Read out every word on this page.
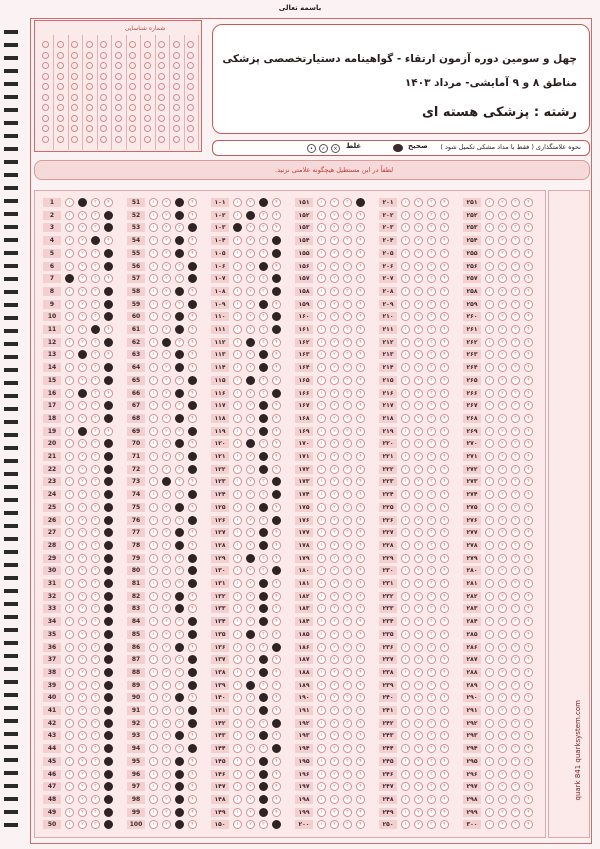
باسمه تعالی
شماره شناسایی
چهل و سومین دوره آزمون ارتقاء - گواهینامه دستیارتخصصی پزشکی
مناطق ۸ و ۹ آمایشی- مرداد ۱۴۰۳
رشته : پزشکی هسته ای
نحوه علامتگذاری ( فقط با مداد مشکی تکمیل شود )
صحیح
غلط
×
✓
•
لطفاً در این مستطیل هیچگونه علامتی نزنید.
1	۱	۲	۳	۴
2	۱	۲	۳	۴
3	۱	۲	۳	۴
4	۱	۲	۳	۴
5	۱	۲	۳	۴
6	۱	۲	۳	۴
7	۱	۲	۳	۴
8	۱	۲	۳	۴
9	۱	۲	۳	۴
10	۱	۲	۳	۴
11	۱	۲	۳	۴
12	۱	۲	۳	۴
13	۱	۲	۳	۴
14	۱	۲	۳	۴
15	۱	۲	۳	۴
16	۱	۲	۳	۴
17	۱	۲	۳	۴
18	۱	۲	۳	۴
19	۱	۲	۳	۴
20	۱	۲	۳	۴
21	۱	۲	۳	۴
22	۱	۲	۳	۴
23	۱	۲	۳	۴
24	۱	۲	۳	۴
25	۱	۲	۳	۴
26	۱	۲	۳	۴
27	۱	۲	۳	۴
28	۱	۲	۳	۴
29	۱	۲	۳	۴
30	۱	۲	۳	۴
31	۱	۲	۳	۴
32	۱	۲	۳	۴
33	۱	۲	۳	۴
34	۱	۲	۳	۴
35	۱	۲	۳	۴
36	۱	۲	۳	۴
37	۱	۲	۳	۴
38	۱	۲	۳	۴
39	۱	۲	۳	۴
40	۱	۲	۳	۴
41	۱	۲	۳	۴
42	۱	۲	۳	۴
43	۱	۲	۳	۴
44	۱	۲	۳	۴
45	۱	۲	۳	۴
46	۱	۲	۳	۴
47	۱	۲	۳	۴
48	۱	۲	۳	۴
49	۱	۲	۳	۴
50	۱	۲	۳	۴
51	۱	۲	۳	۴
52	۱	۲	۳	۴
53	۱	۲	۳	۴
54	۱	۲	۳	۴
55	۱	۲	۳	۴
56	۱	۲	۳	۴
57	۱	۲	۳	۴
58	۱	۲	۳	۴
59	۱	۲	۳	۴
60	۱	۲	۳	۴
61	۱	۲	۳	۴
62	۱	۲	۳	۴
63	۱	۲	۳	۴
64	۱	۲	۳	۴
65	۱	۲	۳	۴
66	۱	۲	۳	۴
67	۱	۲	۳	۴
68	۱	۲	۳	۴
69	۱	۲	۳	۴
70	۱	۲	۳	۴
71	۱	۲	۳	۴
72	۱	۲	۳	۴
73	۱	۲	۳	۴
74	۱	۲	۳	۴
75	۱	۲	۳	۴
76	۱	۲	۳	۴
77	۱	۲	۳	۴
78	۱	۲	۳	۴
79	۱	۲	۳	۴
80	۱	۲	۳	۴
81	۱	۲	۳	۴
82	۱	۲	۳	۴
83	۱	۲	۳	۴
84	۱	۲	۳	۴
85	۱	۲	۳	۴
86	۱	۲	۳	۴
87	۱	۲	۳	۴
88	۱	۲	۳	۴
89	۱	۲	۳	۴
90	۱	۲	۳	۴
91	۱	۲	۳	۴
92	۱	۲	۳	۴
93	۱	۲	۳	۴
94	۱	۲	۳	۴
95	۱	۲	۳	۴
96	۱	۲	۳	۴
97	۱	۲	۳	۴
98	۱	۲	۳	۴
99	۱	۲	۳	۴
100	۱	۲	۳	۴
۱۰۱	۱	۲	۳	۴
۱۰۲	۱	۲	۳	۴
۱۰۳	۱	۲	۳	۴
۱۰۴	۱	۲	۳	۴
۱۰۵	۱	۲	۳	۴
۱۰۶	۱	۲	۳	۴
۱۰۷	۱	۲	۳	۴
۱۰۸	۱	۲	۳	۴
۱۰۹	۱	۲	۳	۴
۱۱۰	۱	۲	۳	۴
۱۱۱	۱	۲	۳	۴
۱۱۲	۱	۲	۳	۴
۱۱۳	۱	۲	۳	۴
۱۱۴	۱	۲	۳	۴
۱۱۵	۱	۲	۳	۴
۱۱۶	۱	۲	۳	۴
۱۱۷	۱	۲	۳	۴
۱۱۸	۱	۲	۳	۴
۱۱۹	۱	۲	۳	۴
۱۲۰	۱	۲	۳	۴
۱۲۱	۱	۲	۳	۴
۱۲۲	۱	۲	۳	۴
۱۲۳	۱	۲	۳	۴
۱۲۴	۱	۲	۳	۴
۱۲۵	۱	۲	۳	۴
۱۲۶	۱	۲	۳	۴
۱۲۷	۱	۲	۳	۴
۱۲۸	۱	۲	۳	۴
۱۲۹	۱	۲	۳	۴
۱۳۰	۱	۲	۳	۴
۱۳۱	۱	۲	۳	۴
۱۳۲	۱	۲	۳	۴
۱۳۳	۱	۲	۳	۴
۱۳۴	۱	۲	۳	۴
۱۳۵	۱	۲	۳	۴
۱۳۶	۱	۲	۳	۴
۱۳۷	۱	۲	۳	۴
۱۳۸	۱	۲	۳	۴
۱۳۹	۱	۲	۳	۴
۱۴۰	۱	۲	۳	۴
۱۴۱	۱	۲	۳	۴
۱۴۲	۱	۲	۳	۴
۱۴۳	۱	۲	۳	۴
۱۴۴	۱	۲	۳	۴
۱۴۵	۱	۲	۳	۴
۱۴۶	۱	۲	۳	۴
۱۴۷	۱	۲	۳	۴
۱۴۸	۱	۲	۳	۴
۱۴۹	۱	۲	۳	۴
۱۵۰	۱	۲	۳	۴
۱۵۱	۱	۲	۳	۴
۱۵۲	۱	۲	۳	۴
۱۵۳	۱	۲	۳	۴
۱۵۴	۱	۲	۳	۴
۱۵۵	۱	۲	۳	۴
۱۵۶	۱	۲	۳	۴
۱۵۷	۱	۲	۳	۴
۱۵۸	۱	۲	۳	۴
۱۵۹	۱	۲	۳	۴
۱۶۰	۱	۲	۳	۴
۱۶۱	۱	۲	۳	۴
۱۶۲	۱	۲	۳	۴
۱۶۳	۱	۲	۳	۴
۱۶۴	۱	۲	۳	۴
۱۶۵	۱	۲	۳	۴
۱۶۶	۱	۲	۳	۴
۱۶۷	۱	۲	۳	۴
۱۶۸	۱	۲	۳	۴
۱۶۹	۱	۲	۳	۴
۱۷۰	۱	۲	۳	۴
۱۷۱	۱	۲	۳	۴
۱۷۲	۱	۲	۳	۴
۱۷۳	۱	۲	۳	۴
۱۷۴	۱	۲	۳	۴
۱۷۵	۱	۲	۳	۴
۱۷۶	۱	۲	۳	۴
۱۷۷	۱	۲	۳	۴
۱۷۸	۱	۲	۳	۴
۱۷۹	۱	۲	۳	۴
۱۸۰	۱	۲	۳	۴
۱۸۱	۱	۲	۳	۴
۱۸۲	۱	۲	۳	۴
۱۸۳	۱	۲	۳	۴
۱۸۴	۱	۲	۳	۴
۱۸۵	۱	۲	۳	۴
۱۸۶	۱	۲	۳	۴
۱۸۷	۱	۲	۳	۴
۱۸۸	۱	۲	۳	۴
۱۸۹	۱	۲	۳	۴
۱۹۰	۱	۲	۳	۴
۱۹۱	۱	۲	۳	۴
۱۹۲	۱	۲	۳	۴
۱۹۳	۱	۲	۳	۴
۱۹۴	۱	۲	۳	۴
۱۹۵	۱	۲	۳	۴
۱۹۶	۱	۲	۳	۴
۱۹۷	۱	۲	۳	۴
۱۹۸	۱	۲	۳	۴
۱۹۹	۱	۲	۳	۴
۲۰۰	۱	۲	۳	۴
۲۰۱	۱	۲	۳	۴
۲۰۲	۱	۲	۳	۴
۲۰۳	۱	۲	۳	۴
۲۰۴	۱	۲	۳	۴
۲۰۵	۱	۲	۳	۴
۲۰۶	۱	۲	۳	۴
۲۰۷	۱	۲	۳	۴
۲۰۸	۱	۲	۳	۴
۲۰۹	۱	۲	۳	۴
۲۱۰	۱	۲	۳	۴
۲۱۱	۱	۲	۳	۴
۲۱۲	۱	۲	۳	۴
۲۱۳	۱	۲	۳	۴
۲۱۴	۱	۲	۳	۴
۲۱۵	۱	۲	۳	۴
۲۱۶	۱	۲	۳	۴
۲۱۷	۱	۲	۳	۴
۲۱۸	۱	۲	۳	۴
۲۱۹	۱	۲	۳	۴
۲۲۰	۱	۲	۳	۴
۲۲۱	۱	۲	۳	۴
۲۲۲	۱	۲	۳	۴
۲۲۳	۱	۲	۳	۴
۲۲۴	۱	۲	۳	۴
۲۲۵	۱	۲	۳	۴
۲۲۶	۱	۲	۳	۴
۲۲۷	۱	۲	۳	۴
۲۲۸	۱	۲	۳	۴
۲۲۹	۱	۲	۳	۴
۲۳۰	۱	۲	۳	۴
۲۳۱	۱	۲	۳	۴
۲۳۲	۱	۲	۳	۴
۲۳۳	۱	۲	۳	۴
۲۳۴	۱	۲	۳	۴
۲۳۵	۱	۲	۳	۴
۲۳۶	۱	۲	۳	۴
۲۳۷	۱	۲	۳	۴
۲۳۸	۱	۲	۳	۴
۲۳۹	۱	۲	۳	۴
۲۴۰	۱	۲	۳	۴
۲۴۱	۱	۲	۳	۴
۲۴۲	۱	۲	۳	۴
۲۴۳	۱	۲	۳	۴
۲۴۴	۱	۲	۳	۴
۲۴۵	۱	۲	۳	۴
۲۴۶	۱	۲	۳	۴
۲۴۷	۱	۲	۳	۴
۲۴۸	۱	۲	۳	۴
۲۴۹	۱	۲	۳	۴
۲۵۰	۱	۲	۳	۴
۲۵۱	۱	۲	۳	۴
۲۵۲	۱	۲	۳	۴
۲۵۳	۱	۲	۳	۴
۲۵۴	۱	۲	۳	۴
۲۵۵	۱	۲	۳	۴
۲۵۶	۱	۲	۳	۴
۲۵۷	۱	۲	۳	۴
۲۵۸	۱	۲	۳	۴
۲۵۹	۱	۲	۳	۴
۲۶۰	۱	۲	۳	۴
۲۶۱	۱	۲	۳	۴
۲۶۲	۱	۲	۳	۴
۲۶۳	۱	۲	۳	۴
۲۶۴	۱	۲	۳	۴
۲۶۵	۱	۲	۳	۴
۲۶۶	۱	۲	۳	۴
۲۶۷	۱	۲	۳	۴
۲۶۸	۱	۲	۳	۴
۲۶۹	۱	۲	۳	۴
۲۷۰	۱	۲	۳	۴
۲۷۱	۱	۲	۳	۴
۲۷۲	۱	۲	۳	۴
۲۷۳	۱	۲	۳	۴
۲۷۴	۱	۲	۳	۴
۲۷۵	۱	۲	۳	۴
۲۷۶	۱	۲	۳	۴
۲۷۷	۱	۲	۳	۴
۲۷۸	۱	۲	۳	۴
۲۷۹	۱	۲	۳	۴
۲۸۰	۱	۲	۳	۴
۲۸۱	۱	۲	۳	۴
۲۸۲	۱	۲	۳	۴
۲۸۳	۱	۲	۳	۴
۲۸۴	۱	۲	۳	۴
۲۸۵	۱	۲	۳	۴
۲۸۶	۱	۲	۳	۴
۲۸۷	۱	۲	۳	۴
۲۸۸	۱	۲	۳	۴
۲۸۹	۱	۲	۳	۴
۲۹۰	۱	۲	۳	۴
۲۹۱	۱	۲	۳	۴
۲۹۲	۱	۲	۳	۴
۲۹۳	۱	۲	۳	۴
۲۹۴	۱	۲	۳	۴
۲۹۵	۱	۲	۳	۴
۲۹۶	۱	۲	۳	۴
۲۹۷	۱	۲	۳	۴
۲۹۸	۱	۲	۳	۴
۲۹۹	۱	۲	۳	۴
۳۰۰	۱	۲	۳	۴
quark 841 quarksystem.com
